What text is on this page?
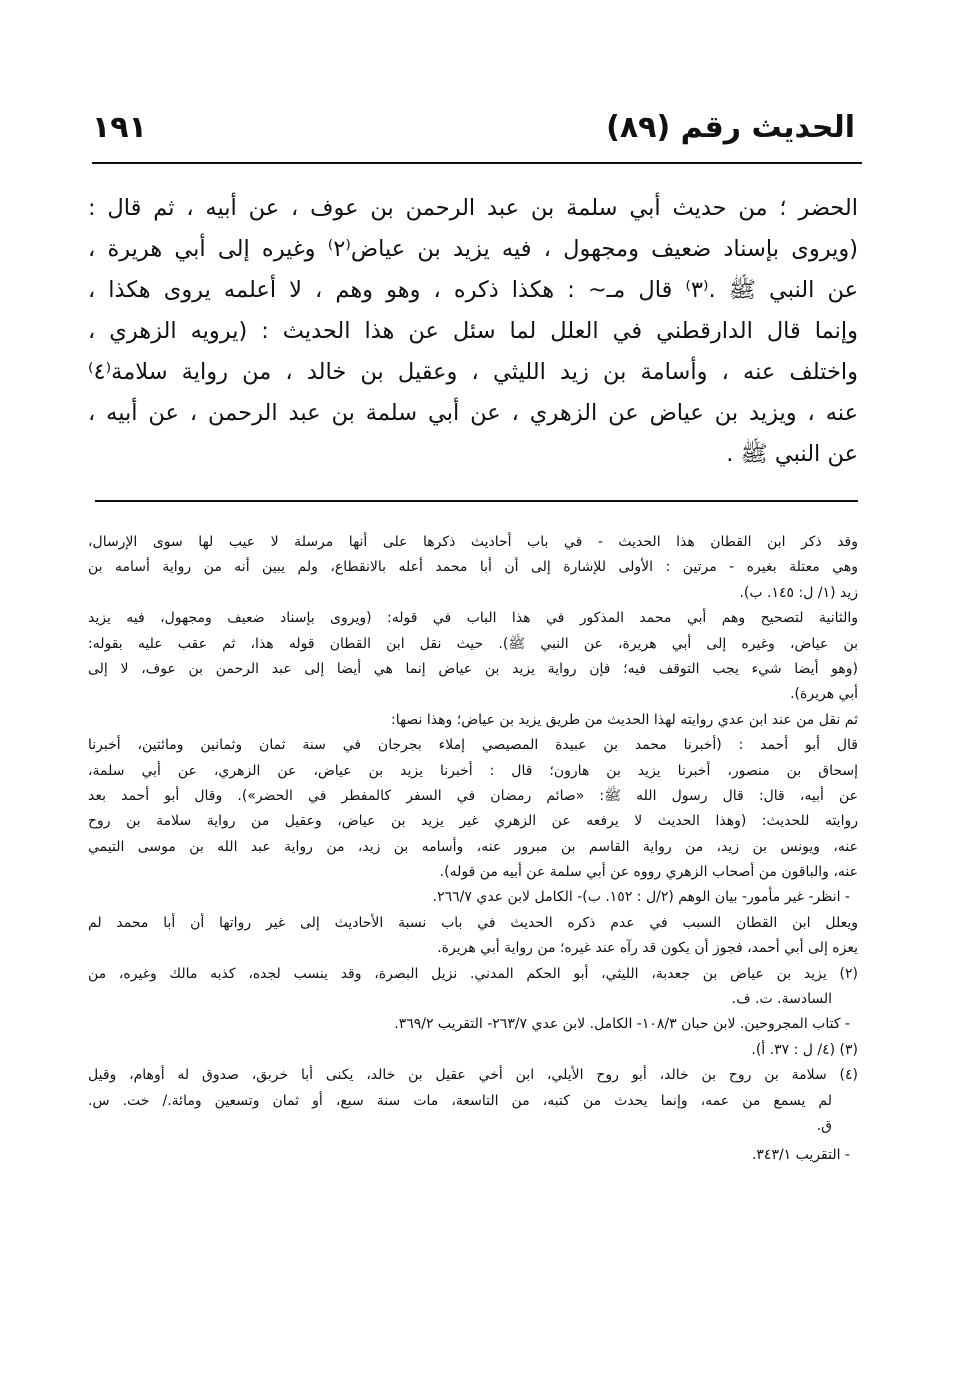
الحديث رقم (٨٩)
١٩١
الحضر ؛ من حديث أبي سلمة بن عبد الرحمن بن عوف ، عن أبيه ، ثم قال :
(ويروى بإسناد ضعيف ومجهول ، فيه يزيد بن عياض⁽٢⁾ وغيره إلى أبي هريرة ،
عن النبي ﷺ .⁽٣⁾ قال مـ~ : هكذا ذكره ، وهو وهم ، لا أعلمه يروى هكذا ،
وإنما قال الدارقطني في العلل لما سئل عن هذا الحديث : (يرويه الزهري ،
واختلف عنه ، وأسامة بن زيد الليثي ، وعقيل بن خالد ، من رواية سلامة⁽٤⁾
عنه ، ويزيد بن عياض عن الزهري ، عن أبي سلمة بن عبد الرحمن ، عن أبيه ،
عن النبي ﷺ .
وقد ذكر ابن القطان هذا الحديث - في باب أحاديث ذكرها على أنها مرسلة لا عيب لها سوى الإرسال،
وهي معتلة بغيره - مرتين : الأولى للإشارة إلى أن أبا محمد أعله بالانقطاع، ولم يبين أنه من رواية أسامه بن
زيد (١/ ل: ١٤٥. ب).
والثانية لتصحيح وهم أبي محمد المذكور في هذا الباب في قوله: (ويروى بإسناد ضعيف ومجهول، فيه يزيد
بن عياض، وغيره إلى أبي هريرة، عن النبي ﷺ). حيث نقل ابن القطان قوله هذا، ثم عقب عليه بقوله:
(وهو أيضا شيء يجب التوقف فيه؛ فإن رواية يزيد بن عياض إنما هي أيضا إلى عبد الرحمن بن عوف، لا إلى
أبي هريرة).
ثم نقل من عند ابن عدي روايته لهذا الحديث من طريق يزيد بن عياض؛ وهذا نصها:
قال أبو أحمد : (أخبرنا محمد بن عبيدة المصيصي إملاء بجرجان في سنة ثمان وثمانين ومائتين، أخبرنا
إسحاق بن منصور، أخبرنا يزيد بن هارون؛ قال : أخبرنا يزيد بن عياض، عن الزهري، عن أبي سلمة،
عن أبيه، قال: قال رسول الله ﷺ: «صائم رمضان في السفر كالمفطر في الحضر»). وقال أبو أحمد بعد
روايته للحديث: (وهذا الحديث لا يرفعه عن الزهري غير يزيد بن عياض، وعقيل من رواية سلامة بن روح
عنه، ويونس بن زيد، من رواية القاسم بن مبرور عنه، وأسامه بن زيد، من رواية عبد الله بن موسى التيمي
عنه، والباقون من أصحاب الزهري رووه عن أبي سلمة عن أبيه من قوله).
- انظر- غير مأمور- بيان الوهم (٢/ل : ١٥٢. ب)- الكامل لابن عدي ٢٦٦/٧.
ويعلل ابن القطان السبب في عدم ذكره الحديث في باب نسبة الأحاديث إلى غير رواتها أن أبا محمد لم
يعزه إلى أبي أحمد، فجوز أن يكون قد رآه عند غيره؛ من رواية أبي هريرة.
(٢) يزيد بن عياض بن جعدبة، الليثي، أبو الحكم المدني. نزيل البصرة، وقد ينسب لجده، كذبه مالك وغيره، من
السادسة. ت. ف.
- كتاب المجروحين. لابن حبان ١٠٨/٣- الكامل. لابن عدي ٢٦٣/٧- التقريب ٣٦٩/٢.
(٣) (٤/ ل : ٣٧. أ).
(٤) سلامة بن روح بن خالد، أبو روح الأيلي، ابن أخي عقيل بن خالد، يكنى أبا خربق، صدوق له أوهام، وقيل
لم يسمع من عمه، وإنما يحدث من كتبه، من التاسعة، مات سنة سبع، أو ثمان وتسعين ومائة./ خت. س.
ق.
- التقريب ٣٤٣/١.
